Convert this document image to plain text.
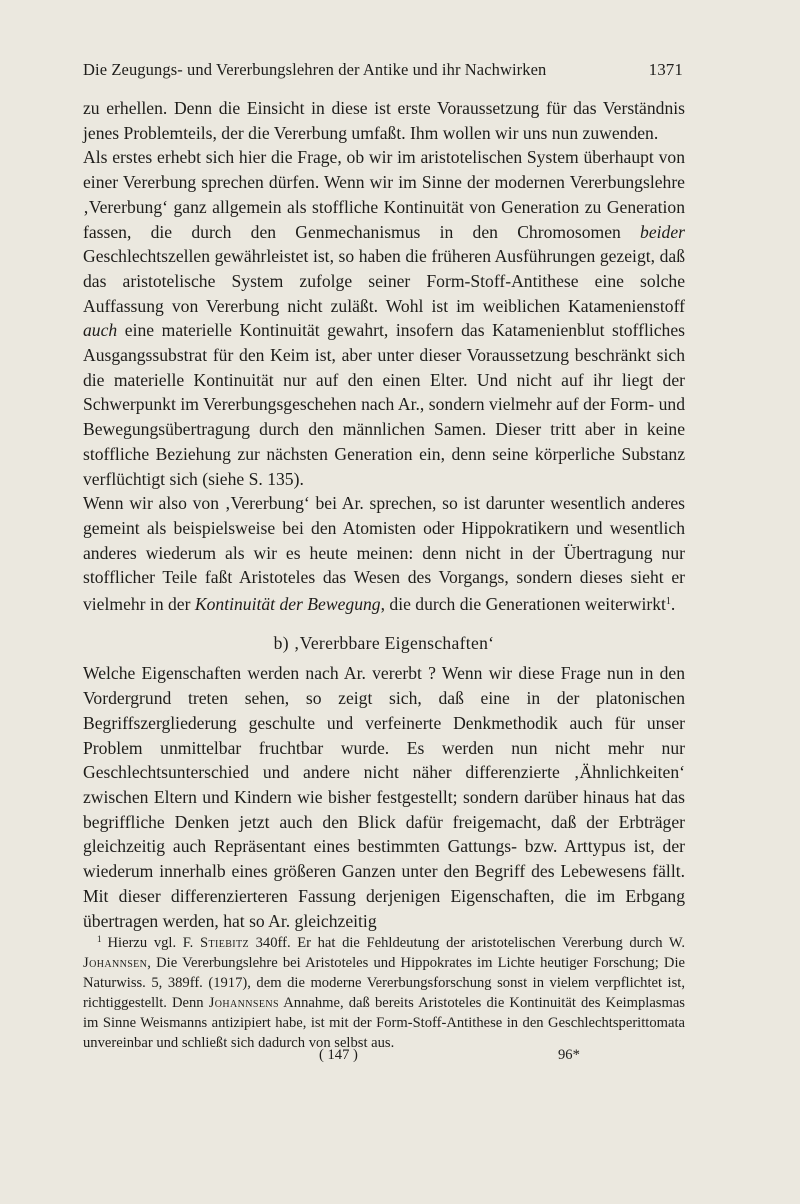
Die Zeugungs- und Vererbungslehren der Antike und ihr Nachwirken	1371

zu erhellen. Denn die Einsicht in diese ist erste Voraussetzung für das Verständnis jenes Problemteils, der die Vererbung umfaßt. Ihm wollen wir uns nun zuwenden.

Als erstes erhebt sich hier die Frage, ob wir im aristotelischen System überhaupt von einer Vererbung sprechen dürfen. Wenn wir im Sinne der modernen Vererbungslehre ‚Vererbung‘ ganz allgemein als stoffliche Kontinuität von Generation zu Generation fassen, die durch den Genmechanismus in den Chromosomen beider Geschlechtszellen gewährleistet ist, so haben die früheren Ausführungen gezeigt, daß das aristotelische System zufolge seiner Form-Stoff-Antithese eine solche Auffassung von Vererbung nicht zuläßt. Wohl ist im weiblichen Katamenienstoff auch eine materielle Kontinuität gewahrt, insofern das Katamenienblut stoffliches Ausgangssubstrat für den Keim ist, aber unter dieser Voraussetzung beschränkt sich die materielle Kontinuität nur auf den einen Elter. Und nicht auf ihr liegt der Schwerpunkt im Vererbungsgeschehen nach Ar., sondern vielmehr auf der Form- und Bewegungsübertragung durch den männlichen Samen. Dieser tritt aber in keine stoffliche Beziehung zur nächsten Generation ein, denn seine körperliche Substanz verflüchtigt sich (siehe S. 135).

Wenn wir also von ‚Vererbung‘ bei Ar. sprechen, so ist darunter wesentlich anderes gemeint als beispielsweise bei den Atomisten oder Hippokratikern und wesentlich anderes wiederum als wir es heute meinen: denn nicht in der Übertragung nur stofflicher Teile faßt Aristoteles das Wesen des Vorgangs, sondern dieses sieht er vielmehr in der Kontinuität der Bewegung, die durch die Generationen weiterwirkt$^1$.

b) ‚Vererbbare Eigenschaften‘

Welche Eigenschaften werden nach Ar. vererbt ? Wenn wir diese Frage nun in den Vordergrund treten sehen, so zeigt sich, daß eine in der platonischen Begriffszergliederung geschulte und verfeinerte Denkmethodik auch für unser Problem unmittelbar fruchtbar wurde. Es werden nun nicht mehr nur Geschlechtsunterschied und andere nicht näher differenzierte ‚Ähnlichkeiten‘ zwischen Eltern und Kindern wie bisher festgestellt; sondern darüber hinaus hat das begriffliche Denken jetzt auch den Blick dafür freigemacht, daß der Erbträger gleichzeitig auch Repräsentant eines bestimmten Gattungs- bzw. Arttypus ist, der wiederum innerhalb eines größeren Ganzen unter den Begriff des Lebewesens fällt. Mit dieser differenzierteren Fassung derjenigen Eigenschaften, die im Erbgang übertragen werden, hat so Ar. gleichzeitig

$^1$ Hierzu vgl. F. Stiebitz 340ff. Er hat die Fehldeutung der aristotelischen Vererbung durch W. Johannsen, Die Vererbungslehre bei Aristoteles und Hippokrates im Lichte heutiger Forschung; Die Naturwiss. 5, 389ff. (1917), dem die moderne Vererbungsforschung sonst in vielem verpflichtet ist, richtiggestellt. Denn Johannsens Annahme, daß bereits Aristoteles die Kontinuität des Keimplasmas im Sinne Weismanns antizipiert habe, ist mit der Form-Stoff-Antithese in den Geschlechtsperittomata unvereinbar und schließt sich dadurch von selbst aus.

( 147 )	96*
